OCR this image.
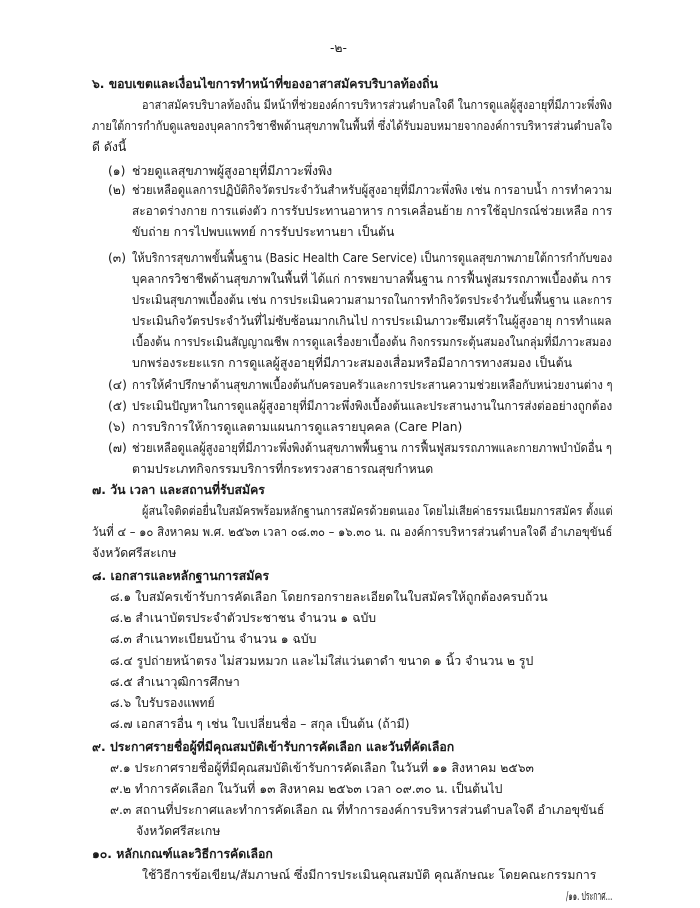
-๒-
๖. ขอบเขตและเงื่อนไขการทำหน้าที่ของอาสาสมัครบริบาลท้องถิ่น
อาสาสมัครบริบาลท้องถิ่น มีหน้าที่ช่วยองค์การบริหารส่วนตำบลใจดี ในการดูแลผู้สูงอายุที่มีภาวะพึ่งพิง
ภายใต้การกำกับดูแลของบุคลากรวิชาชีพด้านสุขภาพในพื้นที่ ซึ่งได้รับมอบหมายจากองค์การบริหารส่วนตำบลใจ
ดี ดังนี้
(๑) ช่วยดูแลสุขภาพผู้สูงอายุที่มีภาวะพึ่งพิง
(๒) ช่วยเหลือดูแลการปฏิบัติกิจวัตรประจำวันสำหรับผู้สูงอายุที่มีภาวะพึ่งพิง เช่น การอาบน้ำ การทำความ
สะอาดร่างกาย การแต่งตัว การรับประทานอาหาร การเคลื่อนย้าย การใช้อุปกรณ์ช่วยเหลือ การ
ขับถ่าย การไปพบแพทย์ การรับประทานยา เป็นต้น
(๓) ให้บริการสุขภาพขั้นพื้นฐาน (Basic Health Care Service) เป็นการดูแลสุขภาพภายใต้การกำกับของ
บุคลากรวิชาชีพด้านสุขภาพในพื้นที่ ได้แก่ การพยาบาลพื้นฐาน การฟื้นฟูสมรรถภาพเบื้องต้น การ
ประเมินสุขภาพเบื้องต้น เช่น การประเมินความสามารถในการทำกิจวัตรประจำวันขั้นพื้นฐาน และการ
ประเมินกิจวัตรประจำวันที่ไม่ซับซ้อนมากเกินไป การประเมินภาวะซึมเศร้าในผู้สูงอายุ การทำแผล
เบื้องต้น การประเมินสัญญาณชีพ การดูแลเรื่องยาเบื้องต้น กิจกรรมกระตุ้นสมองในกลุ่มที่มีภาวะสมอง
บกพร่องระยะแรก การดูแลผู้สูงอายุที่มีภาวะสมองเสื่อมหรือมีอาการทางสมอง เป็นต้น
(๔) การให้คำปรึกษาด้านสุขภาพเบื้องต้นกับครอบครัวและการประสานความช่วยเหลือกับหน่วยงานต่าง ๆ
(๕) ประเมินปัญหาในการดูแลผู้สูงอายุที่มีภาวะพึ่งพิงเบื้องต้นและประสานงานในการส่งต่ออย่างถูกต้อง
(๖) การบริการให้การดูแลตามแผนการดูแลรายบุคคล (Care Plan)
(๗) ช่วยเหลือดูแลผู้สูงอายุที่มีภาวะพึ่งพิงด้านสุขภาพพื้นฐาน การฟื้นฟูสมรรถภาพและกายภาพบำบัดอื่น ๆ
ตามประเภทกิจกรรมบริการที่กระทรวงสาธารณสุขกำหนด
๗. วัน เวลา และสถานที่รับสมัคร
ผู้สนใจติดต่อยื่นใบสมัครพร้อมหลักฐานการสมัครด้วยตนเอง โดยไม่เสียค่าธรรมเนียมการสมัคร ตั้งแต่
วันที่ ๔ – ๑๐ สิงหาคม พ.ศ. ๒๕๖๓ เวลา ๐๘.๓๐ – ๑๖.๓๐ น. ณ องค์การบริหารส่วนตำบลใจดี อำเภอขุขันธ์
จังหวัดศรีสะเกษ
๘. เอกสารและหลักฐานการสมัคร
๘.๑ ใบสมัครเข้ารับการคัดเลือก โดยกรอกรายละเอียดในใบสมัครให้ถูกต้องครบถ้วน
๘.๒ สำเนาบัตรประจำตัวประชาชน จำนวน ๑ ฉบับ
๘.๓ สำเนาทะเบียนบ้าน จำนวน ๑ ฉบับ
๘.๔ รูปถ่ายหน้าตรง ไม่สวมหมวก และไม่ใส่แว่นตาดำ ขนาด ๑ นิ้ว จำนวน ๒ รูป
๘.๕ สำเนาวุฒิการศึกษา
๘.๖ ใบรับรองแพทย์
๘.๗ เอกสารอื่น ๆ เช่น ใบเปลี่ยนชื่อ – สกุล เป็นต้น (ถ้ามี)
๙. ประกาศรายชื่อผู้ที่มีคุณสมบัติเข้ารับการคัดเลือก และวันที่คัดเลือก
๙.๑ ประกาศรายชื่อผู้ที่มีคุณสมบัติเข้ารับการคัดเลือก ในวันที่ ๑๑ สิงหาคม ๒๕๖๓
๙.๒ ทำการคัดเลือก ในวันที่ ๑๓ สิงหาคม ๒๕๖๓ เวลา ๐๙.๓๐ น. เป็นต้นไป
๙.๓ สถานที่ประกาศและทำการคัดเลือก ณ ที่ทำการองค์การบริหารส่วนตำบลใจดี อำเภอขุขันธ์
จังหวัดศรีสะเกษ
๑๐. หลักเกณฑ์และวิธีการคัดเลือก
ใช้วิธีการข้อเขียน/สัมภาษณ์ ซึ่งมีการประเมินคุณสมบัติ คุณลักษณะ โดยคณะกรรมการ
/๑๑. ประกาศ...
